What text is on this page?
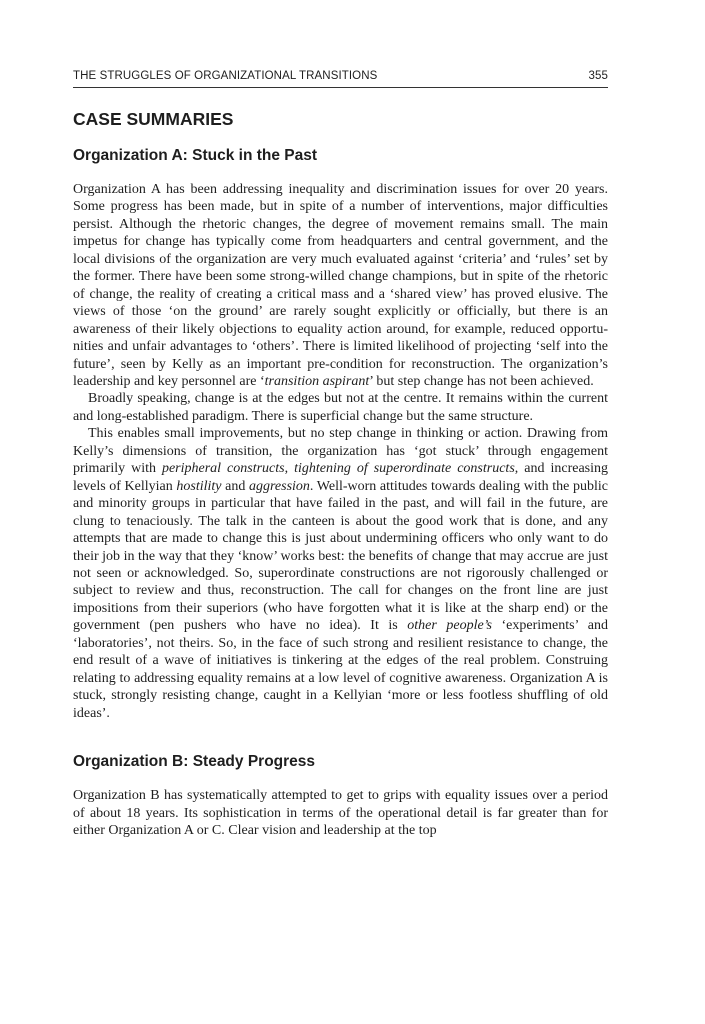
THE STRUGGLES OF ORGANIZATIONAL TRANSITIONS	355
CASE SUMMARIES
Organization A: Stuck in the Past

Organization A has been addressing inequality and discrimination issues for over 20 years. Some progress has been made, but in spite of a number of interventions, major difficulties persist. Although the rhetoric changes, the degree of movement remains small. The main impetus for change has typically come from headquarters and central government, and the local divisions of the organization are very much evaluated against ‘criteria’ and ‘rules’ set by the former. There have been some strong-willed change champions, but in spite of the rhetoric of change, the reality of creating a critical mass and a ‘shared view’ has proved elusive. The views of those ‘on the ground’ are rarely sought explicitly or officially, but there is an awareness of their likely objections to equality action around, for example, reduced opportunities and unfair advantages to ‘others’. There is limited likelihood of projecting ‘self into the future’, seen by Kelly as an important pre-condition for reconstruction. The organization’s leadership and key personnel are ‘transition aspirant’ but step change has not been achieved.

Broadly speaking, change is at the edges but not at the centre. It remains within the current and long-established paradigm. There is superficial change but the same structure.

This enables small improvements, but no step change in thinking or action. Drawing from Kelly’s dimensions of transition, the organization has ‘got stuck’ through engagement primarily with peripheral constructs, tightening of superordinate constructs, and increasing levels of Kellyian hostility and aggression. Well-worn attitudes towards dealing with the public and minority groups in particular that have failed in the past, and will fail in the future, are clung to tenaciously. The talk in the canteen is about the good work that is done, and any attempts that are made to change this is just about undermining officers who only want to do their job in the way that they ‘know’ works best: the benefits of change that may accrue are just not seen or acknowledged. So, superordinate constructions are not rigorously challenged or subject to review and thus, reconstruction. The call for changes on the front line are just impositions from their superiors (who have forgotten what it is like at the sharp end) or the government (pen pushers who have no idea). It is other people’s ‘experiments’ and ‘laboratories’, not theirs. So, in the face of such strong and resilient resistance to change, the end result of a wave of initiatives is tinkering at the edges of the real problem. Construing relating to addressing equality remains at a low level of cognitive awareness. Organization A is stuck, strongly resisting change, caught in a Kellyian ‘more or less footless shuffling of old ideas’.

Organization B: Steady Progress

Organization B has systematically attempted to get to grips with equality issues over a period of about 18 years. Its sophistication in terms of the operational detail is far greater than for either Organization A or C. Clear vision and leadership at the top
